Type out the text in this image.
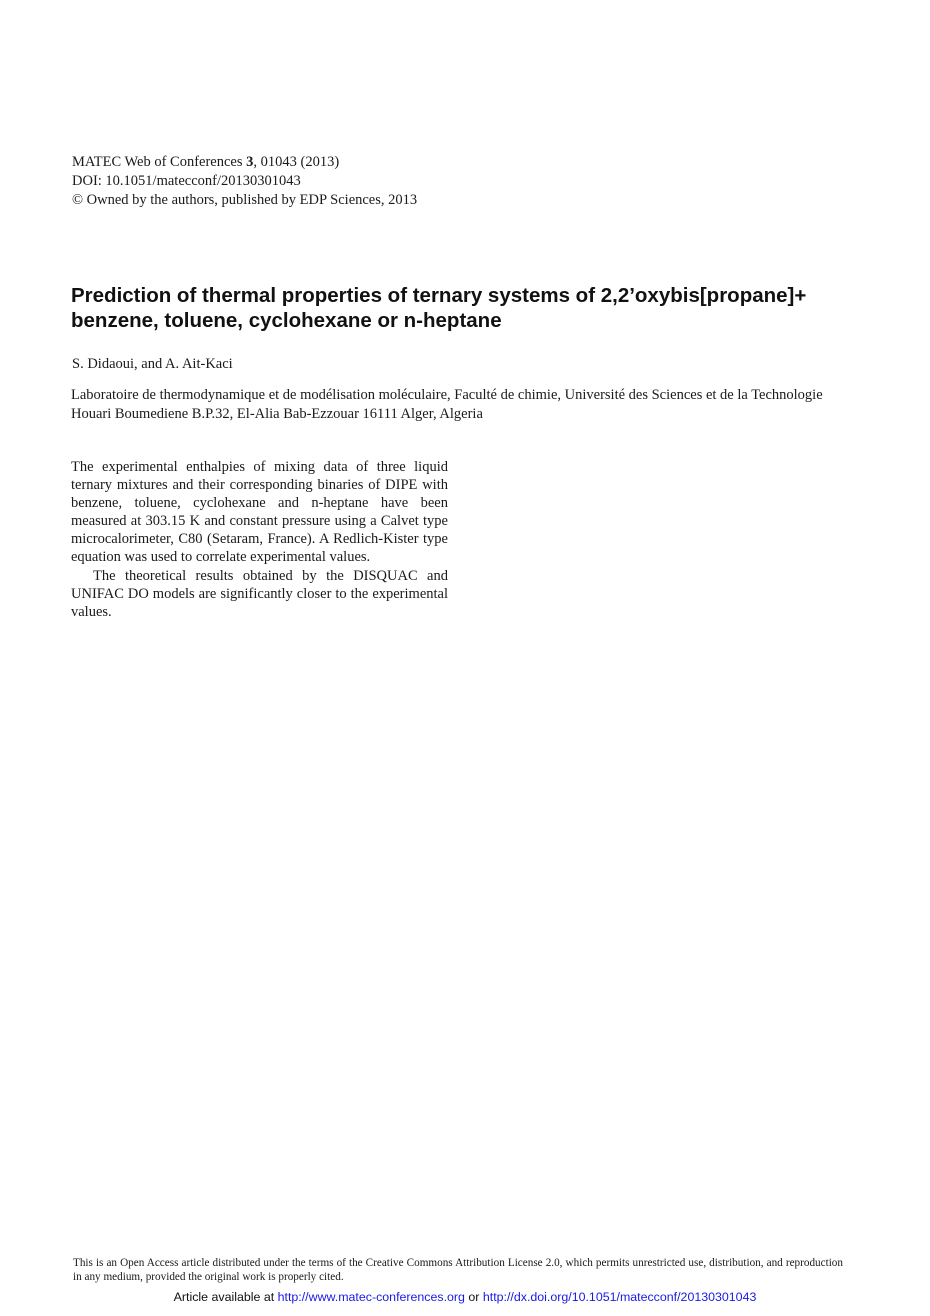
MATEC Web of Conferences 3, 01043 (2013)
DOI: 10.1051/matecconf/20130301043
© Owned by the authors, published by EDP Sciences, 2013
Prediction of thermal properties of ternary systems of 2,2’oxybis[propane]+ benzene, toluene, cyclohexane or n-heptane
S. Didaoui, and A. Ait-Kaci
Laboratoire de thermodynamique et de modélisation moléculaire, Faculté de chimie, Université des Sciences et de la Technologie Houari Boumediene B.P.32, El-Alia Bab-Ezzouar 16111 Alger, Algeria

The experimental enthalpies of mixing data of three liquid ternary mixtures and their corresponding binaries of DIPE with benzene, toluene, cyclohexane and n-heptane have been measured at 303.15 K and constant pressure using a Calvet type microcalorimeter, C80 (Setaram, France). A Redlich-Kister type equation was used to correlate experimental values.

The theoretical results obtained by the DISQUAC and UNIFAC DO models are significantly closer to the experimental values.

This is an Open Access article distributed under the terms of the Creative Commons Attribution License 2.0, which permits unrestricted use, distribution, and reproduction in any medium, provided the original work is properly cited.
Article available at http://www.matec-conferences.org or http://dx.doi.org/10.1051/matecconf/20130301043
